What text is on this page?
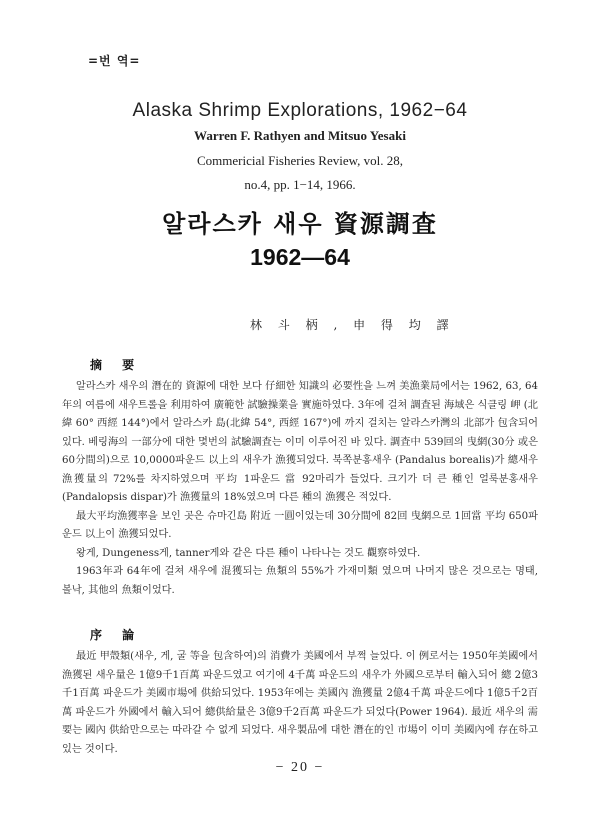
=번 역=
Alaska Shrimp Explorations, 1962−64
Warren F. Rathyen and Mitsuo Yesaki
Commericial Fisheries Review, vol. 28,
no.4, pp. 1−14, 1966.
알라스카 새우 資源調査
1962—64
林 斗 柄 , 申 得 均 譯
摘 要

알라스카 새우의 潛在的 資源에 대한 보다 仔細한 知識의 必要性을 느껴 美漁業局에서는 1962, 63, 64年의 여름에 새우트롤을 利用하여 廣範한 試驗操業을 實施하였다. 3年에 걸쳐 調査된 海域은 식클링 岬 (北緯 60° 西經 144°)에서 알라스카 島(北緯 54°, 西經 167°)에 까지 걸치는 알라스카灣의 北部가 包含되어 있다. 베링海의 一部分에 대한 몇번의 試驗調査는 이미 이루어진 바 있다. 調査中 539回의 曳網(30分 或은 60分間의)으로 10,0000파운드 以上의 새우가 漁獲되었다. 북쪽분홍새우 (Pandalus borealis)가 總새우 漁獲量의 72%를 차지하였으며 平均 1파운드 當 92마리가 들었다. 크기가 더 큰 種인 얼룩분홍새우 (Pandalopsis dispar)가 漁獲量의 18%였으며 다른 種의 漁獲은 적었다.

最大平均漁獲率을 보인 곳은 슈마긴島 附近 一圓이었는데 30分間에 82回 曳網으로 1回當 平均 650파운드 以上이 漁獲되었다.

왕게, Dungeness게, tanner게와 같은 다른 種이 나타나는 것도 觀察하였다.

1963年과 64年에 걸쳐 새우에 混獲되는 魚類의 55%가 가재미類 였으며 나머지 많은 것으로는 명태, 볼낙, 其他의 魚類이었다.

序 論

最近 甲殼類(새우, 게, 굴 等을 包含하여)의 消費가 美國에서 부쩍 늘었다. 이 例로서는 1950年美國에서 漁獲된 새우量은 1億9千1百萬 파운드였고 여기에 4千萬 파운드의 새우가 外國으로부터 輸入되어 總 2億3千1百萬 파운드가 美國市場에 供給되었다. 1953年에는 美國內 漁獲量 2億4千萬 파운드에다 1億5千2百萬 파운드가 外國에서 輸入되어 總供給量은 3億9千2百萬 파운드가 되었다(Power 1964). 最近 새우의 需要는 國內 供給만으로는 따라갈 수 없게 되었다. 새우製品에 대한 潛在的인 市場이 이미 美國內에 存在하고 있는 것이다.

− 20 −
